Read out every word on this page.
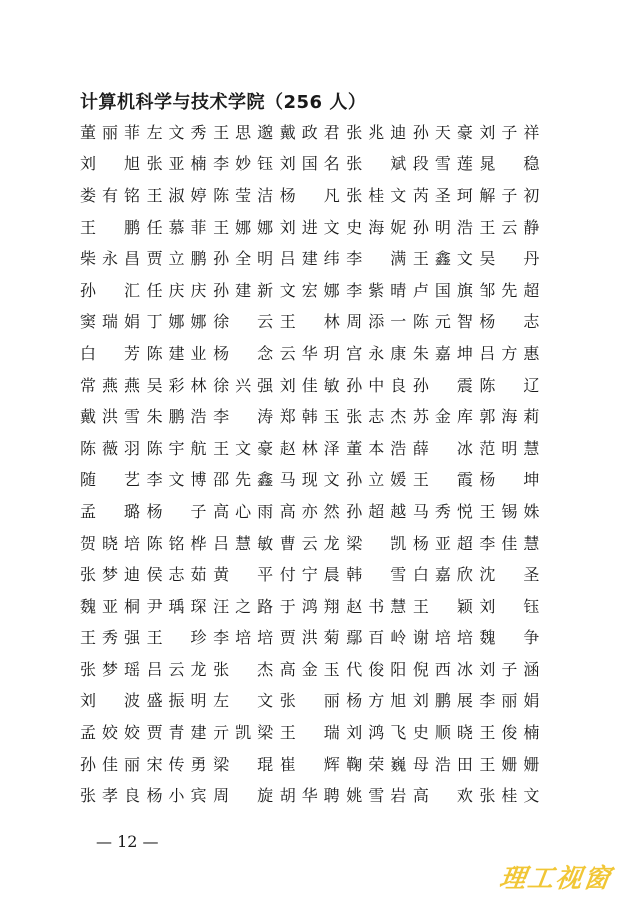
计算机科学与技术学院（256 人）
董 丽 菲 左 文 秀 王 思 邈 戴 政 君 张 兆 迪 孙 天 豪 刘 子 祥
刘 旭 张 亚 楠 李 妙 钰 刘 国 名 张 斌 段 雪 莲 晁 稳
娄 有 铭 王 淑 婷 陈 莹 洁 杨 凡 张 桂 文 芮 圣 珂 解 子 初
王 鹏 任 慕 菲 王 娜 娜 刘 进 文 史 海 妮 孙 明 浩 王 云 静
柴 永 昌 贾 立 鹏 孙 全 明 吕 建 纬 李 满 王 鑫 文 吴 丹
孙 汇 任 庆 庆 孙 建 新 文 宏 娜 李 紫 晴 卢 国 旗 邹 先 超
窦 瑞 娟 丁 娜 娜 徐 云 王 林 周 添 一 陈 元 智 杨 志
白 芳 陈 建 业 杨 念 云 华 玥 宫 永 康 朱 嘉 坤 吕 方 惠
常 燕 燕 吴 彩 林 徐 兴 强 刘 佳 敏 孙 中 良 孙 震 陈 辽
戴 洪 雪 朱 鹏 浩 李 涛 郑 韩 玉 张 志 杰 苏 金 库 郭 海 莉
陈 薇 羽 陈 宇 航 王 文 豪 赵 林 泽 董 本 浩 薛 冰 范 明 慧
随 艺 李 文 博 邵 先 鑫 马 现 文 孙 立 媛 王 霞 杨 坤
孟 璐 杨 子 高 心 雨 高 亦 然 孙 超 越 马 秀 悦 王 锡 姝
贺 晓 培 陈 铭 桦 吕 慧 敏 曹 云 龙 梁 凯 杨 亚 超 李 佳 慧
张 梦 迪 侯 志 茹 黄 平 付 宁 晨 韩 雪 白 嘉 欣 沈 圣
魏 亚 桐 尹 瑀 琛 汪 之 路 于 鸿 翔 赵 书 慧 王 颖 刘 钰
王 秀 强 王 珍 李 培 培 贾 洪 菊 鄢 百 岭 谢 培 培 魏 争
张 梦 瑶 吕 云 龙 张 杰 高 金 玉 代 俊 阳 倪 西 冰 刘 子 涵
刘 波 盛 振 明 左 文 张 丽 杨 方 旭 刘 鹏 展 李 丽 娟
孟 姣 姣 贾 青 建 亓 凯 梁 王 瑞 刘 鸿 飞 史 顺 晓 王 俊 楠
孙 佳 丽 宋 传 勇 梁 琨 崔 辉 鞠 荣 巍 母 浩 田 王 姗 姗
张 孝 良 杨 小 宾 周 旋 胡 华 聘 姚 雪 岩 高 欢 张 桂 文
— 12 —
理工视窗
